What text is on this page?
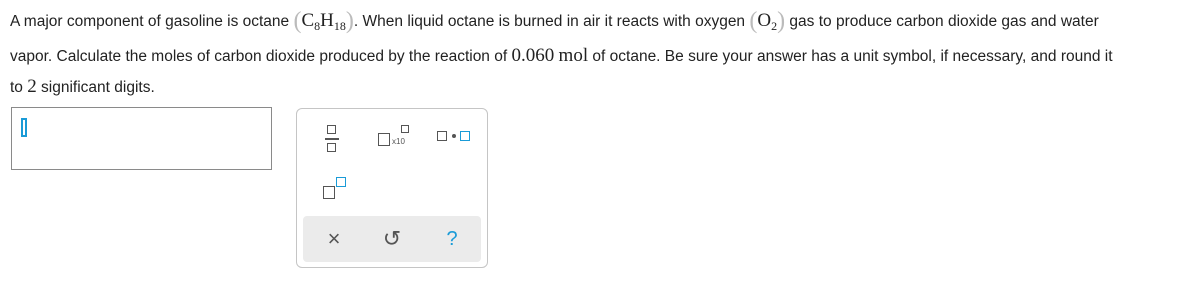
A major component of gasoline is octane $(C_8H_{18})$. When liquid octane is burned in air it reacts with oxygen $(O_2)$ gas to produce carbon dioxide gas and water
vapor. Calculate the moles of carbon dioxide produced by the reaction of 0.060 mol of octane. Be sure your answer has a unit symbol, if necessary, and round it
to 2 significant digits.
x10
×	↺	?
